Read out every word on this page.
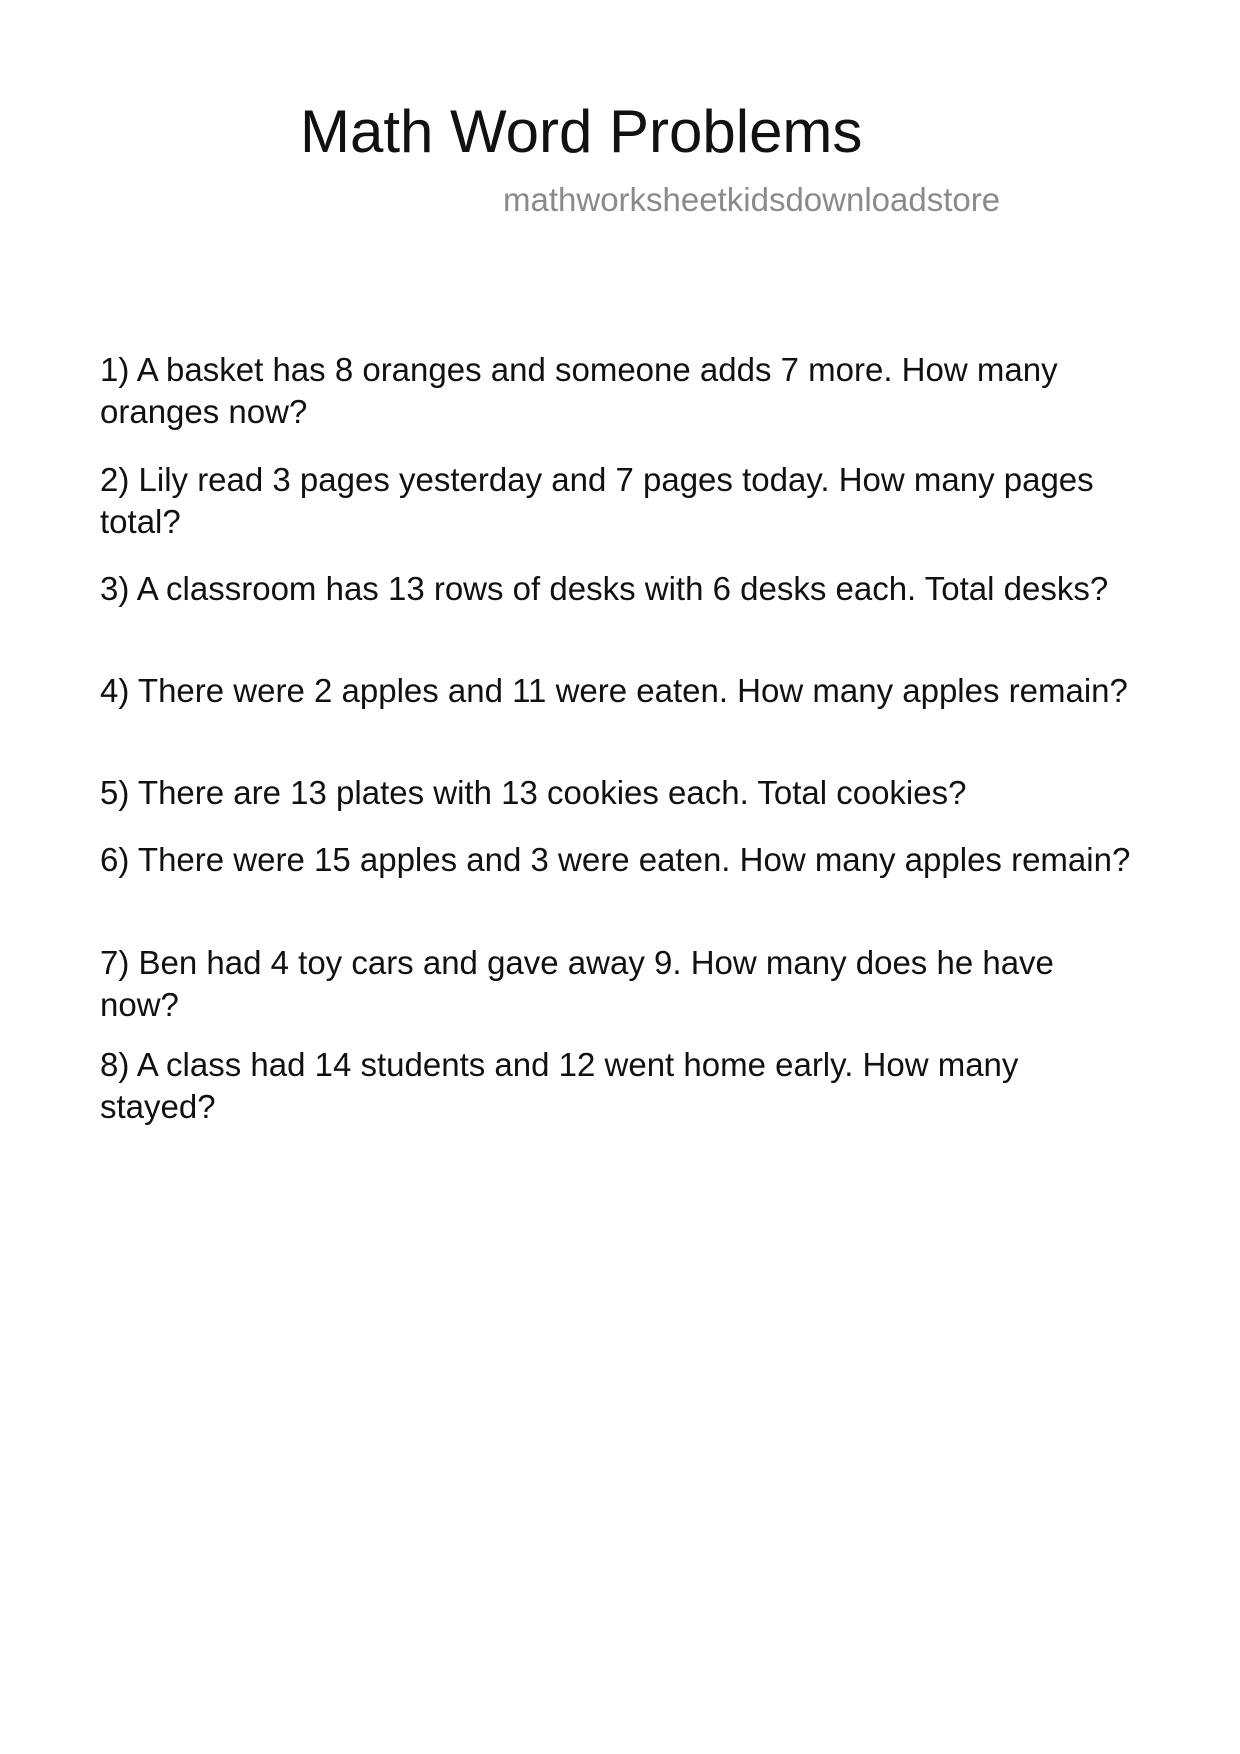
Math Word Problems

mathworksheetkidsdownloadstore

1) A basket has 8 oranges and someone adds 7 more. How many oranges now?
2) Lily read 3 pages yesterday and 7 pages today. How many pages total?
3) A classroom has 13 rows of desks with 6 desks each. Total desks?
4) There were 2 apples and 11 were eaten. How many apples remain?
5) There are 13 plates with 13 cookies each. Total cookies?
6) There were 15 apples and 3 were eaten. How many apples remain?
7) Ben had 4 toy cars and gave away 9. How many does he have now?
8) A class had 14 students and 12 went home early. How many stayed?
